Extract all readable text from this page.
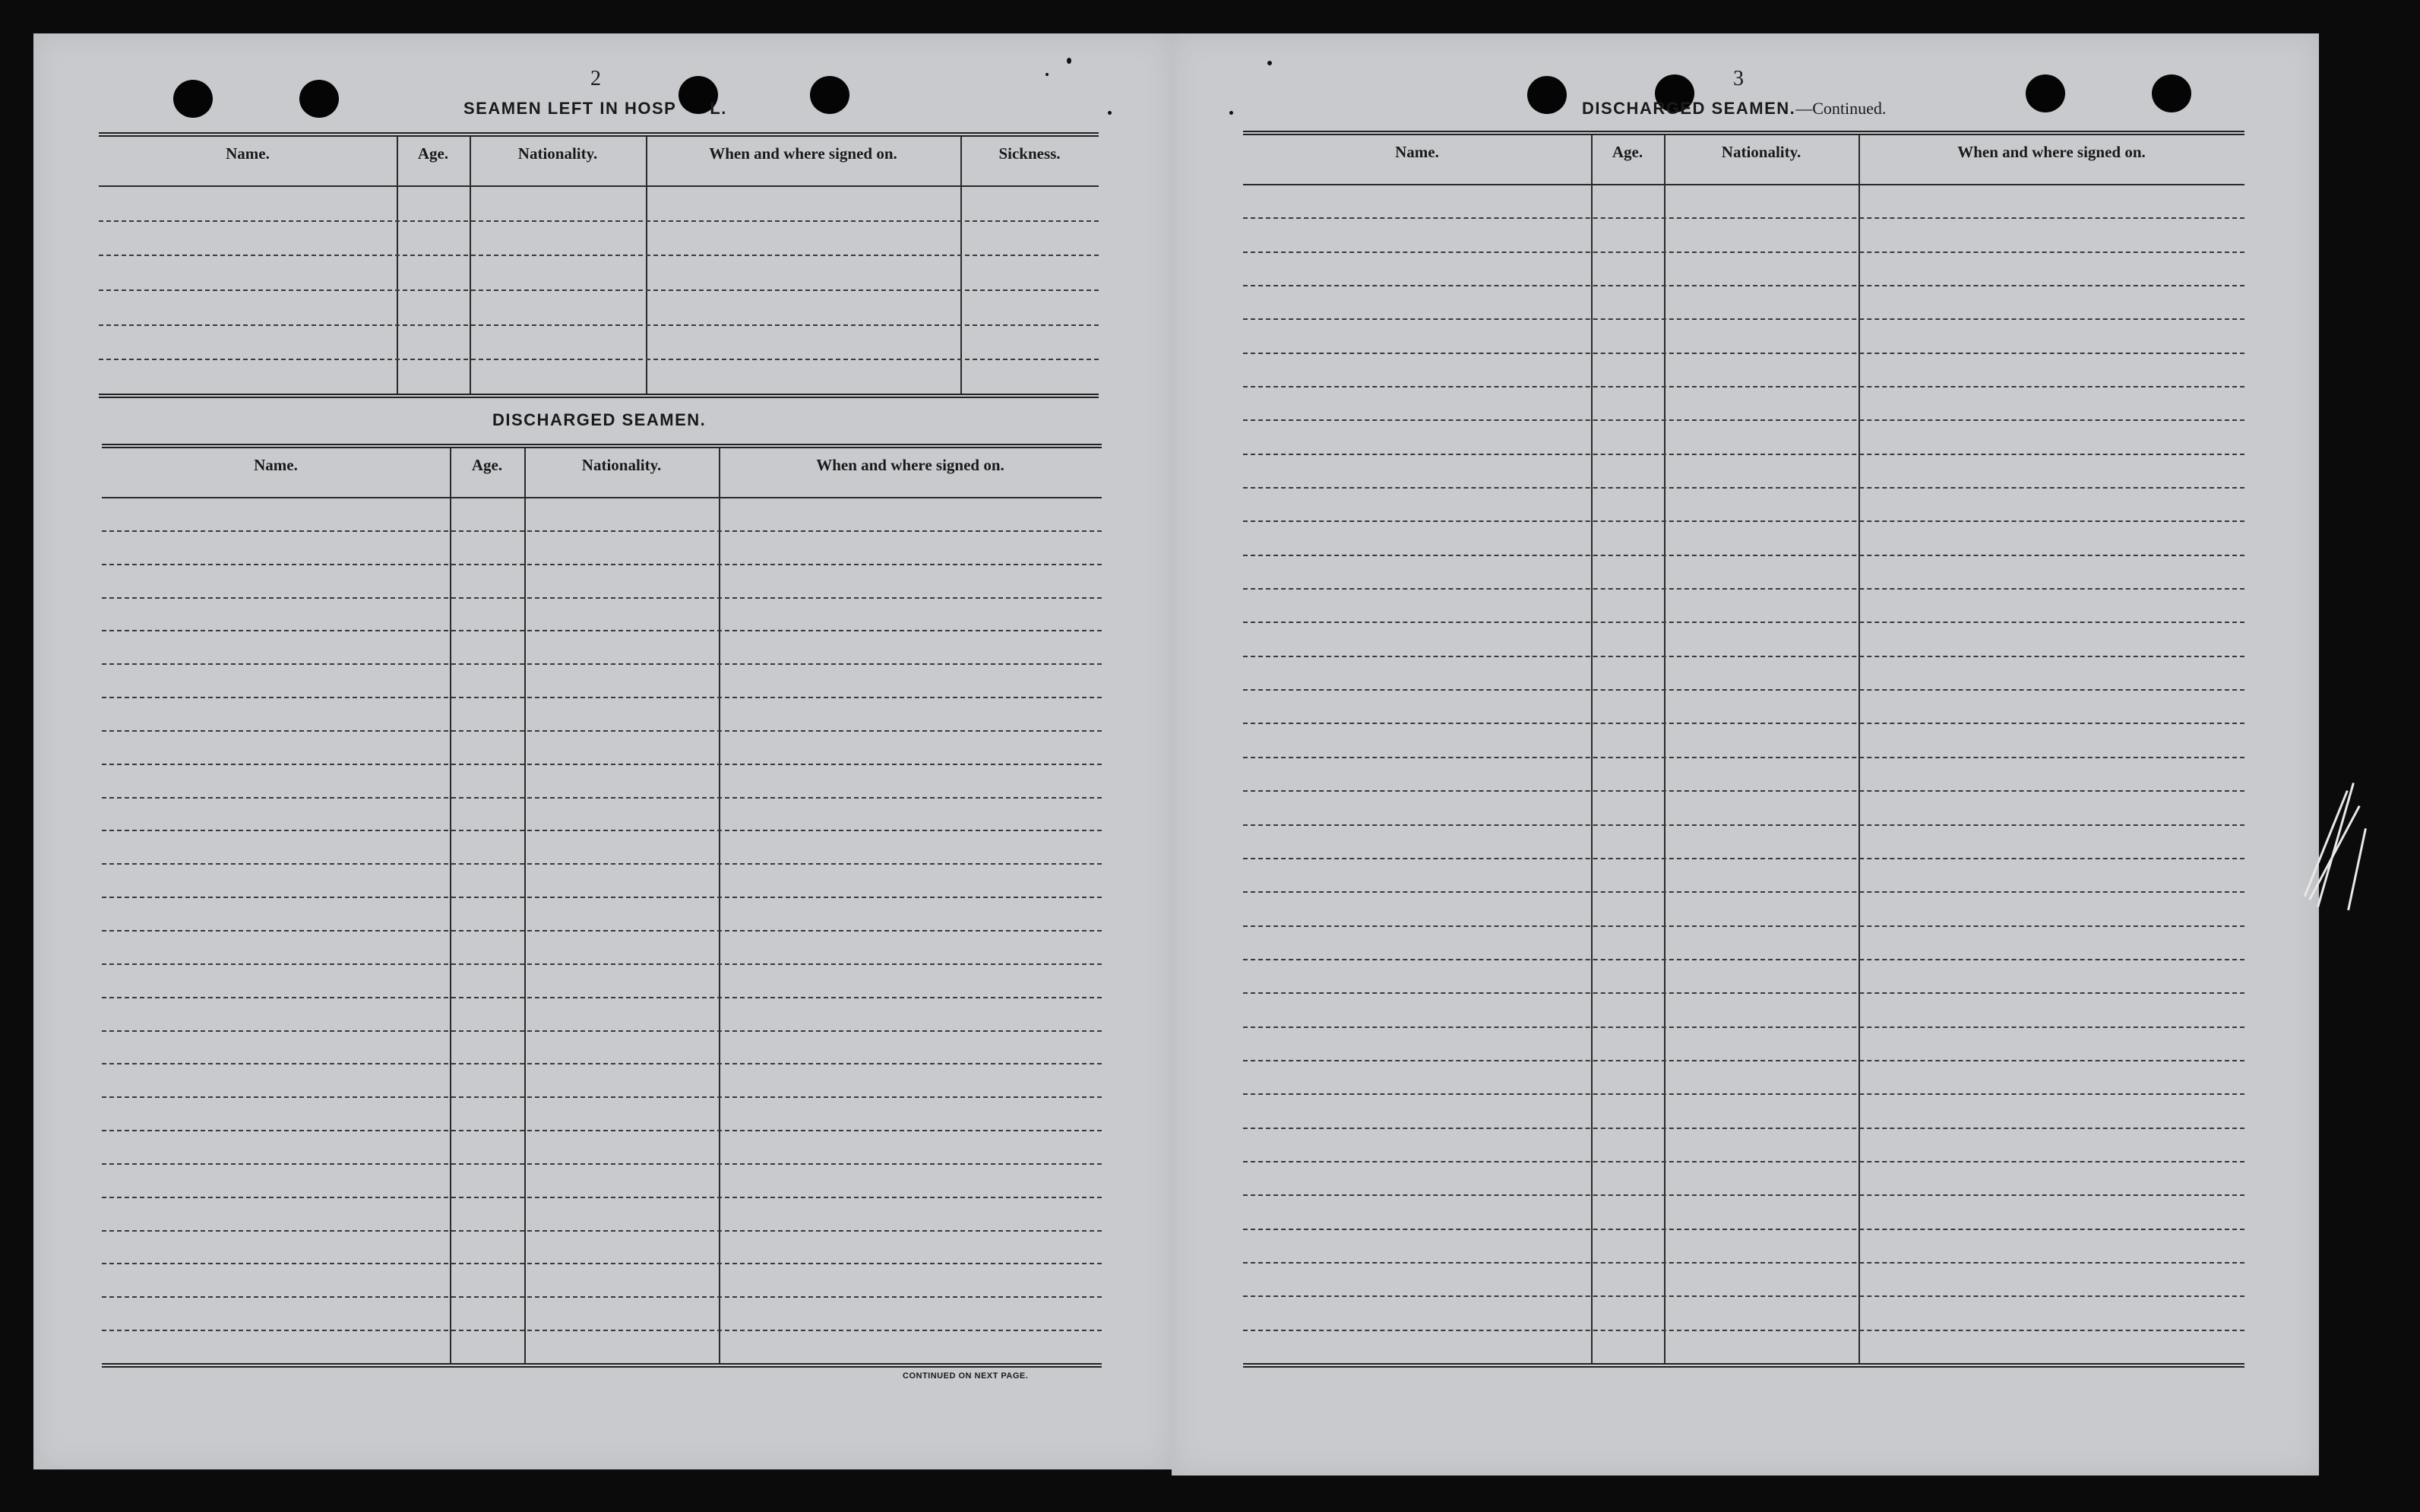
2	3
SEAMEN LEFT IN HOSP L.
DISCHARGED SEAMEN.
DISCHARGED SEAMEN.—Continued.
CONTINUED ON NEXT PAGE.
Name.	Age.	Nationality.	When and where signed on.	Sickness.
Name.	Age.	Nationality.	When and where signed on.
Name.	Age.	Nationality.	When and where signed on.
